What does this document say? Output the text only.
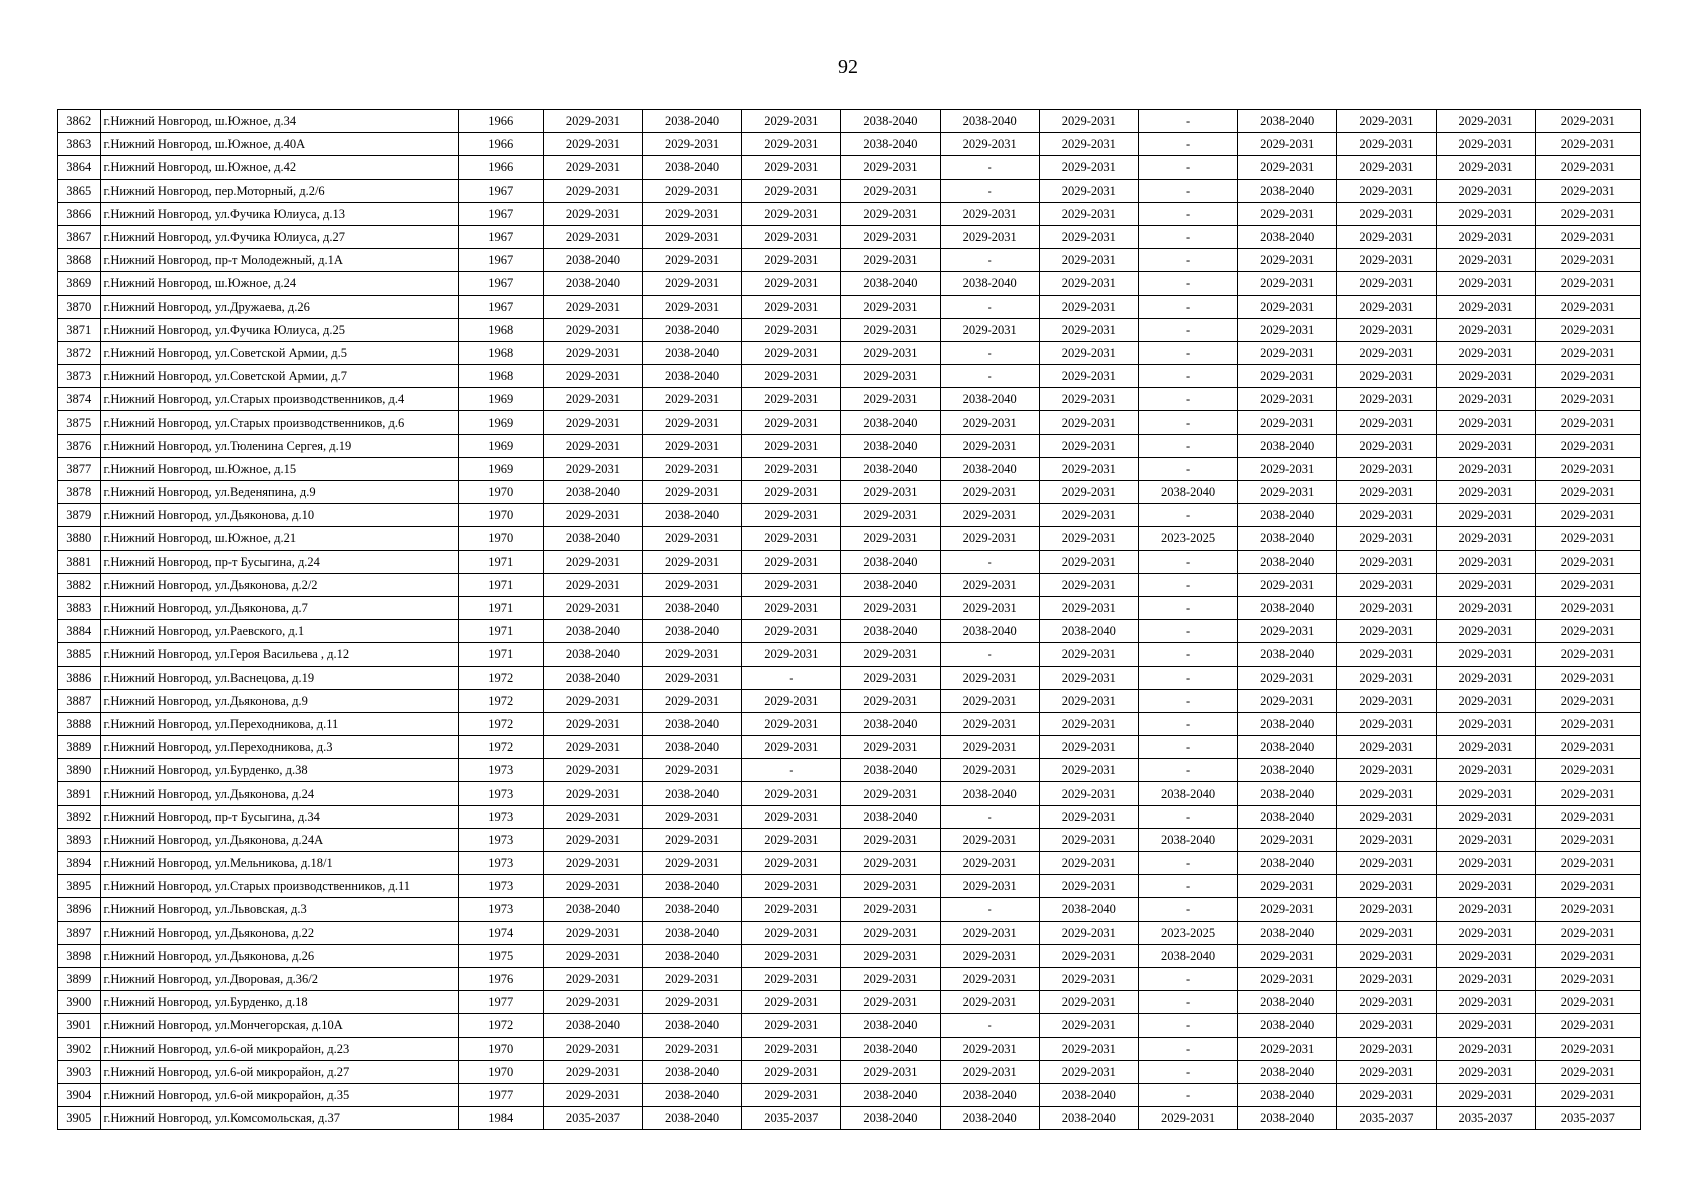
92
3862	г.Нижний Новгород, ш.Южное, д.34	1966	2029-2031	2038-2040	2029-2031	2038-2040	2038-2040	2029-2031	-	2038-2040	2029-2031	2029-2031	2029-2031
3863	г.Нижний Новгород, ш.Южное, д.40А	1966	2029-2031	2029-2031	2029-2031	2038-2040	2029-2031	2029-2031	-	2029-2031	2029-2031	2029-2031	2029-2031
3864	г.Нижний Новгород, ш.Южное, д.42	1966	2029-2031	2038-2040	2029-2031	2029-2031	-	2029-2031	-	2029-2031	2029-2031	2029-2031	2029-2031
3865	г.Нижний Новгород, пер.Моторный, д.2/6	1967	2029-2031	2029-2031	2029-2031	2029-2031	-	2029-2031	-	2038-2040	2029-2031	2029-2031	2029-2031
3866	г.Нижний Новгород, ул.Фучика Юлиуса, д.13	1967	2029-2031	2029-2031	2029-2031	2029-2031	2029-2031	2029-2031	-	2029-2031	2029-2031	2029-2031	2029-2031
3867	г.Нижний Новгород, ул.Фучика Юлиуса, д.27	1967	2029-2031	2029-2031	2029-2031	2029-2031	2029-2031	2029-2031	-	2038-2040	2029-2031	2029-2031	2029-2031
3868	г.Нижний Новгород, пр-т Молодежный, д.1А	1967	2038-2040	2029-2031	2029-2031	2029-2031	-	2029-2031	-	2029-2031	2029-2031	2029-2031	2029-2031
3869	г.Нижний Новгород, ш.Южное, д.24	1967	2038-2040	2029-2031	2029-2031	2038-2040	2038-2040	2029-2031	-	2029-2031	2029-2031	2029-2031	2029-2031
3870	г.Нижний Новгород, ул.Дружаева, д.26	1967	2029-2031	2029-2031	2029-2031	2029-2031	-	2029-2031	-	2029-2031	2029-2031	2029-2031	2029-2031
3871	г.Нижний Новгород, ул.Фучика Юлиуса, д.25	1968	2029-2031	2038-2040	2029-2031	2029-2031	2029-2031	2029-2031	-	2029-2031	2029-2031	2029-2031	2029-2031
3872	г.Нижний Новгород, ул.Советской Армии, д.5	1968	2029-2031	2038-2040	2029-2031	2029-2031	-	2029-2031	-	2029-2031	2029-2031	2029-2031	2029-2031
3873	г.Нижний Новгород, ул.Советской Армии, д.7	1968	2029-2031	2038-2040	2029-2031	2029-2031	-	2029-2031	-	2029-2031	2029-2031	2029-2031	2029-2031
3874	г.Нижний Новгород, ул.Старых производственников, д.4	1969	2029-2031	2029-2031	2029-2031	2029-2031	2038-2040	2029-2031	-	2029-2031	2029-2031	2029-2031	2029-2031
3875	г.Нижний Новгород, ул.Старых производственников, д.6	1969	2029-2031	2029-2031	2029-2031	2038-2040	2029-2031	2029-2031	-	2029-2031	2029-2031	2029-2031	2029-2031
3876	г.Нижний Новгород, ул.Тюленина Сергея, д.19	1969	2029-2031	2029-2031	2029-2031	2038-2040	2029-2031	2029-2031	-	2038-2040	2029-2031	2029-2031	2029-2031
3877	г.Нижний Новгород, ш.Южное, д.15	1969	2029-2031	2029-2031	2029-2031	2038-2040	2038-2040	2029-2031	-	2029-2031	2029-2031	2029-2031	2029-2031
3878	г.Нижний Новгород, ул.Веденяпина, д.9	1970	2038-2040	2029-2031	2029-2031	2029-2031	2029-2031	2029-2031	2038-2040	2029-2031	2029-2031	2029-2031	2029-2031
3879	г.Нижний Новгород, ул.Дьяконова, д.10	1970	2029-2031	2038-2040	2029-2031	2029-2031	2029-2031	2029-2031	-	2038-2040	2029-2031	2029-2031	2029-2031
3880	г.Нижний Новгород, ш.Южное, д.21	1970	2038-2040	2029-2031	2029-2031	2029-2031	2029-2031	2029-2031	2023-2025	2038-2040	2029-2031	2029-2031	2029-2031
3881	г.Нижний Новгород, пр-т Бусыгина, д.24	1971	2029-2031	2029-2031	2029-2031	2038-2040	-	2029-2031	-	2038-2040	2029-2031	2029-2031	2029-2031
3882	г.Нижний Новгород, ул.Дьяконова, д.2/2	1971	2029-2031	2029-2031	2029-2031	2038-2040	2029-2031	2029-2031	-	2029-2031	2029-2031	2029-2031	2029-2031
3883	г.Нижний Новгород, ул.Дьяконова, д.7	1971	2029-2031	2038-2040	2029-2031	2029-2031	2029-2031	2029-2031	-	2038-2040	2029-2031	2029-2031	2029-2031
3884	г.Нижний Новгород, ул.Раевского, д.1	1971	2038-2040	2038-2040	2029-2031	2038-2040	2038-2040	2038-2040	-	2029-2031	2029-2031	2029-2031	2029-2031
3885	г.Нижний Новгород, ул.Героя Васильева , д.12	1971	2038-2040	2029-2031	2029-2031	2029-2031	-	2029-2031	-	2038-2040	2029-2031	2029-2031	2029-2031
3886	г.Нижний Новгород, ул.Васнецова, д.19	1972	2038-2040	2029-2031	-	2029-2031	2029-2031	2029-2031	-	2029-2031	2029-2031	2029-2031	2029-2031
3887	г.Нижний Новгород, ул.Дьяконова, д.9	1972	2029-2031	2029-2031	2029-2031	2029-2031	2029-2031	2029-2031	-	2029-2031	2029-2031	2029-2031	2029-2031
3888	г.Нижний Новгород, ул.Переходникова, д.11	1972	2029-2031	2038-2040	2029-2031	2038-2040	2029-2031	2029-2031	-	2038-2040	2029-2031	2029-2031	2029-2031
3889	г.Нижний Новгород, ул.Переходникова, д.3	1972	2029-2031	2038-2040	2029-2031	2029-2031	2029-2031	2029-2031	-	2038-2040	2029-2031	2029-2031	2029-2031
3890	г.Нижний Новгород, ул.Бурденко, д.38	1973	2029-2031	2029-2031	-	2038-2040	2029-2031	2029-2031	-	2038-2040	2029-2031	2029-2031	2029-2031
3891	г.Нижний Новгород, ул.Дьяконова, д.24	1973	2029-2031	2038-2040	2029-2031	2029-2031	2038-2040	2029-2031	2038-2040	2038-2040	2029-2031	2029-2031	2029-2031
3892	г.Нижний Новгород, пр-т Бусыгина, д.34	1973	2029-2031	2029-2031	2029-2031	2038-2040	-	2029-2031	-	2038-2040	2029-2031	2029-2031	2029-2031
3893	г.Нижний Новгород, ул.Дьяконова, д.24А	1973	2029-2031	2029-2031	2029-2031	2029-2031	2029-2031	2029-2031	2038-2040	2029-2031	2029-2031	2029-2031	2029-2031
3894	г.Нижний Новгород, ул.Мельникова, д.18/1	1973	2029-2031	2029-2031	2029-2031	2029-2031	2029-2031	2029-2031	-	2038-2040	2029-2031	2029-2031	2029-2031
3895	г.Нижний Новгород, ул.Старых производственников, д.11	1973	2029-2031	2038-2040	2029-2031	2029-2031	2029-2031	2029-2031	-	2029-2031	2029-2031	2029-2031	2029-2031
3896	г.Нижний Новгород, ул.Львовская, д.3	1973	2038-2040	2038-2040	2029-2031	2029-2031	-	2038-2040	-	2029-2031	2029-2031	2029-2031	2029-2031
3897	г.Нижний Новгород, ул.Дьяконова, д.22	1974	2029-2031	2038-2040	2029-2031	2029-2031	2029-2031	2029-2031	2023-2025	2038-2040	2029-2031	2029-2031	2029-2031
3898	г.Нижний Новгород, ул.Дьяконова, д.26	1975	2029-2031	2038-2040	2029-2031	2029-2031	2029-2031	2029-2031	2038-2040	2029-2031	2029-2031	2029-2031	2029-2031
3899	г.Нижний Новгород, ул.Дворовая, д.36/2	1976	2029-2031	2029-2031	2029-2031	2029-2031	2029-2031	2029-2031	-	2029-2031	2029-2031	2029-2031	2029-2031
3900	г.Нижний Новгород, ул.Бурденко, д.18	1977	2029-2031	2029-2031	2029-2031	2029-2031	2029-2031	2029-2031	-	2038-2040	2029-2031	2029-2031	2029-2031
3901	г.Нижний Новгород, ул.Мончегорская, д.10А	1972	2038-2040	2038-2040	2029-2031	2038-2040	-	2029-2031	-	2038-2040	2029-2031	2029-2031	2029-2031
3902	г.Нижний Новгород, ул.6-ой микрорайон, д.23	1970	2029-2031	2029-2031	2029-2031	2038-2040	2029-2031	2029-2031	-	2029-2031	2029-2031	2029-2031	2029-2031
3903	г.Нижний Новгород, ул.6-ой микрорайон, д.27	1970	2029-2031	2038-2040	2029-2031	2029-2031	2029-2031	2029-2031	-	2038-2040	2029-2031	2029-2031	2029-2031
3904	г.Нижний Новгород, ул.6-ой микрорайон, д.35	1977	2029-2031	2038-2040	2029-2031	2038-2040	2038-2040	2038-2040	-	2038-2040	2029-2031	2029-2031	2029-2031
3905	г.Нижний Новгород, ул.Комсомольская, д.37	1984	2035-2037	2038-2040	2035-2037	2038-2040	2038-2040	2038-2040	2029-2031	2038-2040	2035-2037	2035-2037	2035-2037
